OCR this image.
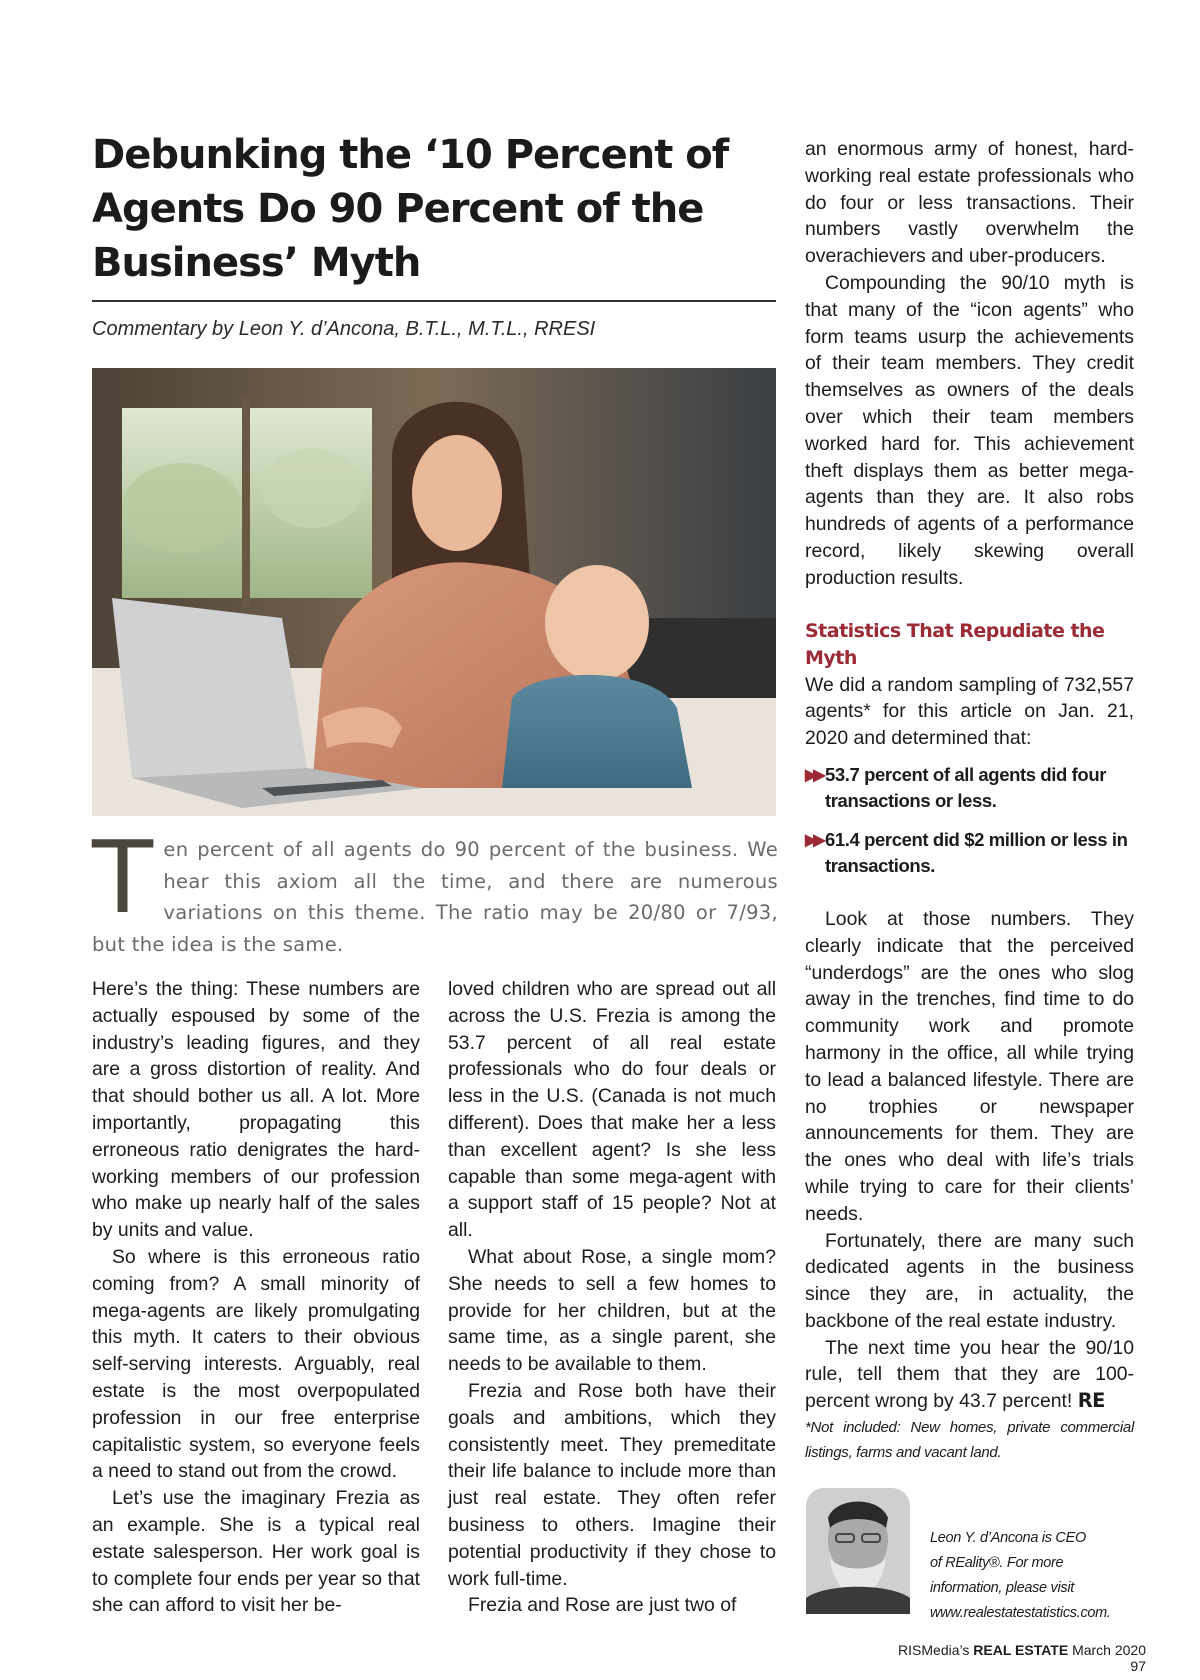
Debunking the ‘10 Percent of Agents Do 90 Percent of the Business’ Myth
Commentary by Leon Y. d’Ancona, B.T.L., M.T.L., RRESI

Ten percent of all agents do 90 percent of the business. We hear this axiom all the time, and there are numerous variations on this theme. The ratio may be 20/80 or 7/93, but the idea is the same.

Here’s the thing: These numbers are actually espoused by some of the industry’s leading figures, and they are a gross distortion of reality. And that should bother us all. A lot. More importantly, propagating this erroneous ratio denigrates the hard-working members of our profession who make up nearly half of the sales by units and value.

So where is this erroneous ratio coming from? A small minority of mega-agents are likely promulgating this myth. It caters to their obvious self-serving interests. Arguably, real estate is the most overpopulated profession in our free enterprise capitalistic system, so everyone feels a need to stand out from the crowd.

Let’s use the imaginary Frezia as an example. She is a typical real estate salesperson. Her work goal is to complete four ends per year so that she can afford to visit her be-

loved children who are spread out all across the U.S. Frezia is among the 53.7 percent of all real estate professionals who do four deals or less in the U.S. (Canada is not much different). Does that make her a less than excellent agent? Is she less capable than some mega-agent with a support staff of 15 people? Not at all.

What about Rose, a single mom? She needs to sell a few homes to provide for her children, but at the same time, as a single parent, she needs to be available to them.

Frezia and Rose both have their goals and ambitions, which they consistently meet. They premeditate their life balance to include more than just real estate. They often refer business to others. Imagine their potential productivity if they chose to work full-time.

Frezia and Rose are just two of

an enormous army of honest, hard-working real estate professionals who do four or less transactions. Their numbers vastly overwhelm the overachievers and uber-producers.

Compounding the 90/10 myth is that many of the “icon agents” who form teams usurp the achievements of their team members. They credit themselves as owners of the deals over which their team members worked hard for. This achievement theft displays them as better mega-agents than they are. It also robs hundreds of agents of a performance record, likely skewing overall production results.

Statistics That Repudiate the Myth

We did a random sampling of 732,557 agents* for this article on Jan. 21, 2020 and determined that:

▶▶ 53.7 percent of all agents did four transactions or less.
▶▶ 61.4 percent did $2 million or less in transactions.

Look at those numbers. They clearly indicate that the perceived “underdogs” are the ones who slog away in the trenches, find time to do community work and promote harmony in the office, all while trying to lead a balanced lifestyle. There are no trophies or newspaper announcements for them. They are the ones who deal with life’s trials while trying to care for their clients’ needs.

Fortunately, there are many such dedicated agents in the business since they are, in actuality, the backbone of the real estate industry.

The next time you hear the 90/10 rule, tell them that they are 100-percent wrong by 43.7 percent! RE

*Not included: New homes, private commercial listings, farms and vacant land.

Leon Y. d’Ancona is CEO
of REality®. For more
information, please visit
www.realestatestatistics.com.
RISMedia’s REAL ESTATE March 2020  97
